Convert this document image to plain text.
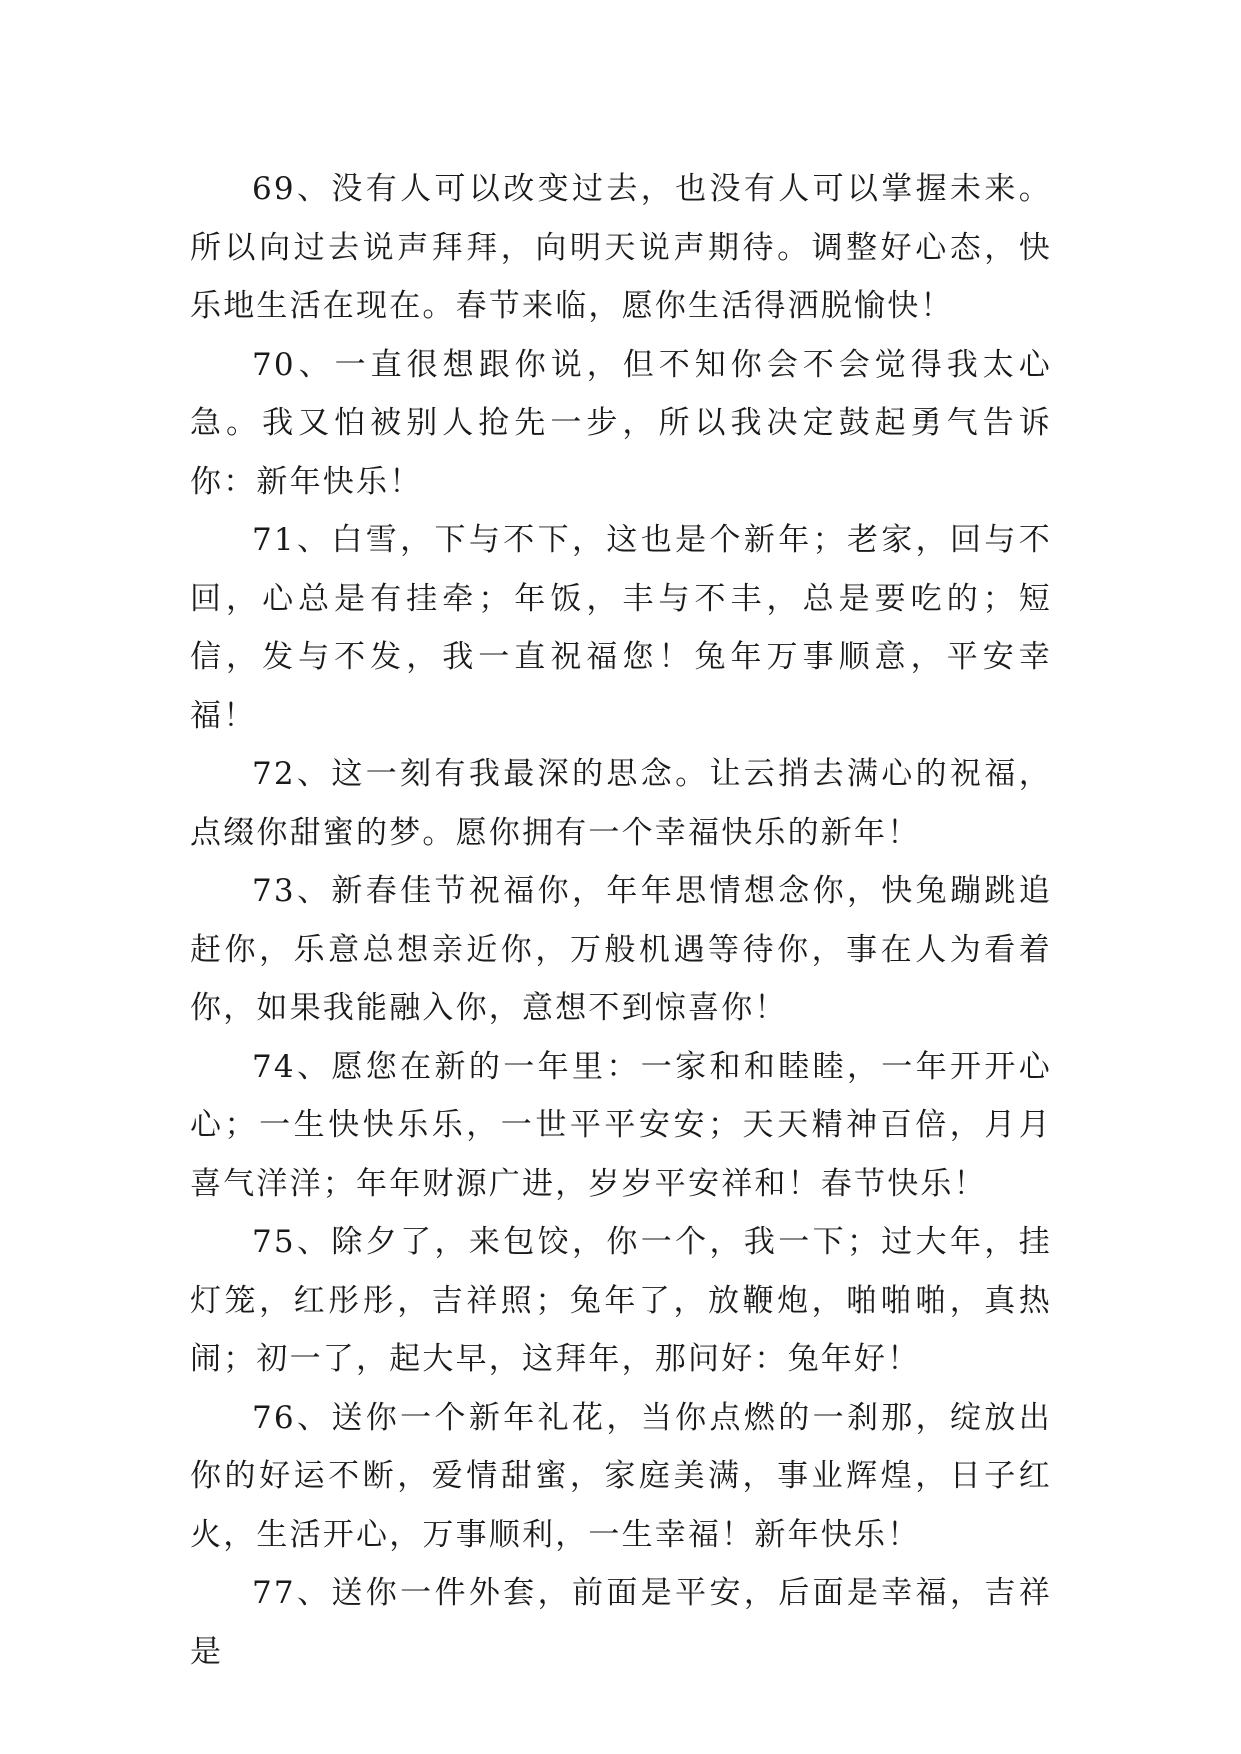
69、没有人可以改变过去，也没有人可以掌握未来。所以向过去说声拜拜，向明天说声期待。调整好心态，快乐地生活在现在。春节来临，愿你生活得洒脱愉快！

70、一直很想跟你说，但不知你会不会觉得我太心急。我又怕被别人抢先一步，所以我决定鼓起勇气告诉你：新年快乐！

71、白雪，下与不下，这也是个新年；老家，回与不回，心总是有挂牵；年饭，丰与不丰，总是要吃的；短信，发与不发，我一直祝福您！兔年万事顺意，平安幸福！

72、这一刻有我最深的思念。让云捎去满心的祝福，点缀你甜蜜的梦。愿你拥有一个幸福快乐的新年！

73、新春佳节祝福你，年年思情想念你，快兔蹦跳追赶你，乐意总想亲近你，万般机遇等待你，事在人为看着你，如果我能融入你，意想不到惊喜你！

74、愿您在新的一年里：一家和和睦睦，一年开开心心；一生快快乐乐，一世平平安安；天天精神百倍，月月喜气洋洋；年年财源广进，岁岁平安祥和！春节快乐！

75、除夕了，来包饺，你一个，我一下；过大年，挂灯笼，红彤彤，吉祥照；兔年了，放鞭炮，啪啪啪，真热闹；初一了，起大早，这拜年，那问好：兔年好！

76、送你一个新年礼花，当你点燃的一刹那，绽放出你的好运不断，爱情甜蜜，家庭美满，事业辉煌，日子红火，生活开心，万事顺利，一生幸福！新年快乐！

77、送你一件外套，前面是平安，后面是幸福，吉祥是
